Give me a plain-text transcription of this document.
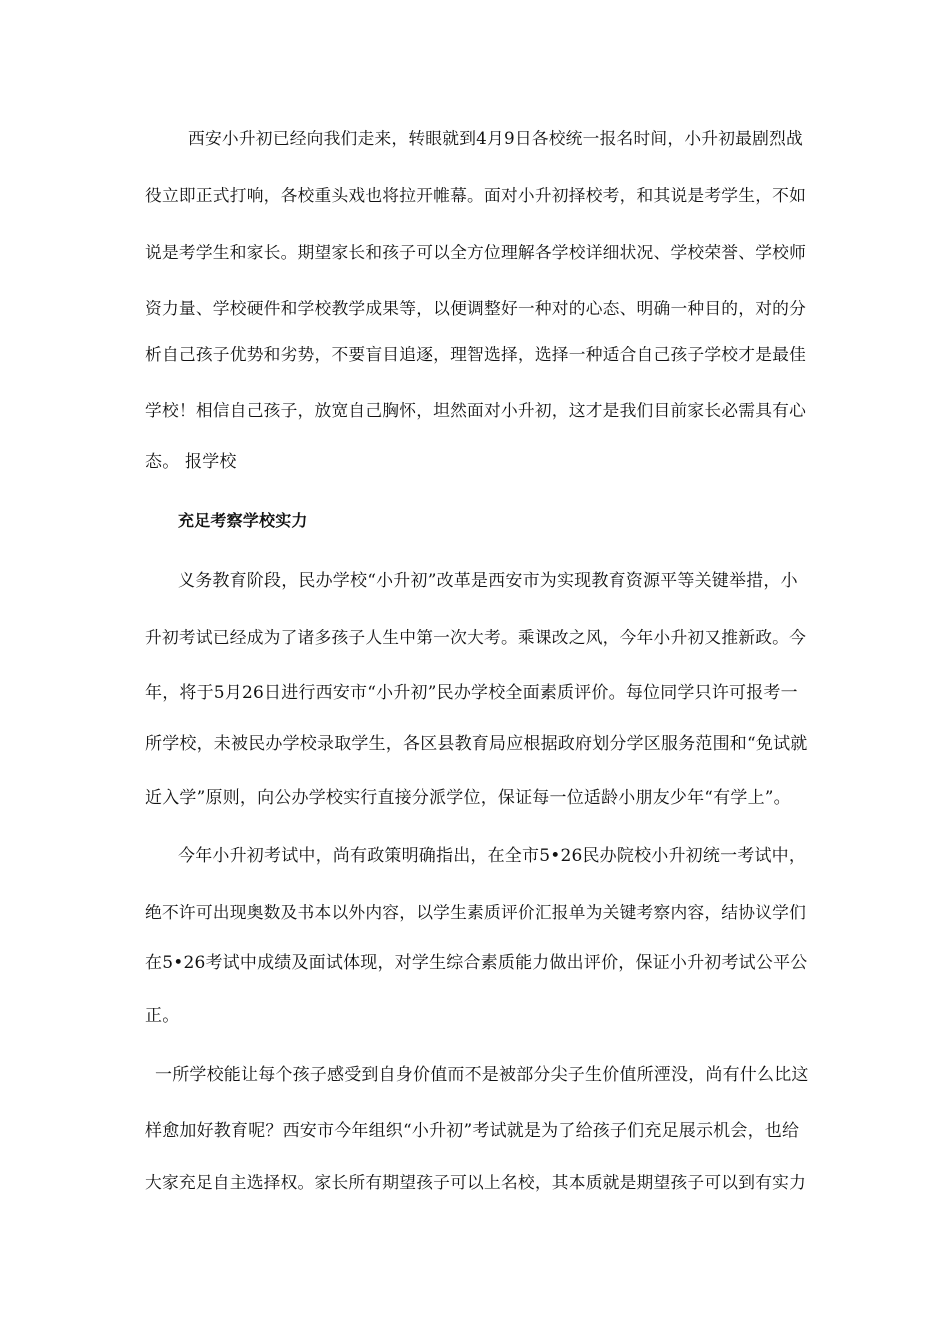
西安小升初已经向我们走来，转眼就到4月9日各校统一报名时间，小升初最剧烈战
役立即正式打响，各校重头戏也将拉开帷幕。面对小升初择校考，和其说是考学生，不如
说是考学生和家长。期望家长和孩子可以全方位理解各学校详细状况、学校荣誉、学校师
资力量、学校硬件和学校教学成果等，以便调整好一种对的心态、明确一种目的，对的分
析自己孩子优势和劣势，不要盲目追逐，理智选择，选择一种适合自己孩子学校才是最佳
学校！相信自己孩子，放宽自己胸怀，坦然面对小升初，这才是我们目前家长必需具有心
态。 报学校
充足考察学校实力
义务教育阶段，民办学校“小升初”改革是西安市为实现教育资源平等关键举措，小
升初考试已经成为了诸多孩子人生中第一次大考。乘课改之风，今年小升初又推新政。今
年，将于5月26日进行西安市“小升初”民办学校全面素质评价。每位同学只许可报考一
所学校，未被民办学校录取学生，各区县教育局应根据政府划分学区服务范围和“免试就
近入学”原则，向公办学校实行直接分派学位，保证每一位适龄小朋友少年“有学上”。
今年小升初考试中，尚有政策明确指出，在全市5•26民办院校小升初统一考试中，
绝不许可出现奥数及书本以外内容，以学生素质评价汇报单为关键考察内容，结协议学们
在5•26考试中成绩及面试体现，对学生综合素质能力做出评价，保证小升初考试公平公
正。
一所学校能让每个孩子感受到自身价值而不是被部分尖子生价值所湮没，尚有什么比这
样愈加好教育呢？西安市今年组织“小升初”考试就是为了给孩子们充足展示机会，也给
大家充足自主选择权。家长所有期望孩子可以上名校，其本质就是期望孩子可以到有实力
